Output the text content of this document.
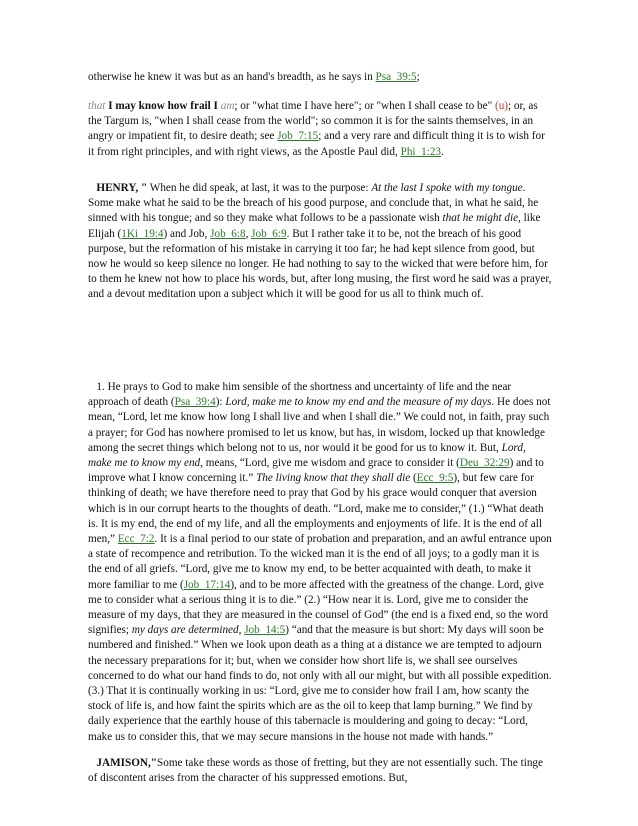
otherwise he knew it was but as an hand's breadth, as he says in Psa_39:5;

that I may know how frail I am; or "what time I have here"; or "when I shall cease to be" (u); or, as the Targum is, "when I shall cease from the world"; so common it is for the saints themselves, in an angry or impatient fit, to desire death; see Job_7:15; and a very rare and difficult thing it is to wish for it from right principles, and with right views, as the Apostle Paul did, Phi_1:23.

HENRY, " When he did speak, at last, it was to the purpose: At the last I spoke with my tongue. Some make what he said to be the breach of his good purpose, and conclude that, in what he said, he sinned with his tongue; and so they make what follows to be a passionate wish that he might die, like Elijah (1Ki_19:4) and Job, Job_6:8, Job_6:9. But I rather take it to be, not the breach of his good purpose, but the reformation of his mistake in carrying it too far; he had kept silence from good, but now he would so keep silence no longer. He had nothing to say to the wicked that were before him, for to them he knew not how to place his words, but, after long musing, the first word he said was a prayer, and a devout meditation upon a subject which it will be good for us all to think much of.

1. He prays to God to make him sensible of the shortness and uncertainty of life and the near approach of death (Psa_39:4): Lord, make me to know my end and the measure of my days. He does not mean, “Lord, let me know how long I shall live and when I shall die.” We could not, in faith, pray such a prayer; for God has nowhere promised to let us know, but has, in wisdom, locked up that knowledge among the secret things which belong not to us, nor would it be good for us to know it. But, Lord, make me to know my end, means, “Lord, give me wisdom and grace to consider it (Deu_32:29) and to improve what I know concerning it.” The living know that they shall die (Ecc_9:5), but few care for thinking of death; we have therefore need to pray that God by his grace would conquer that aversion which is in our corrupt hearts to the thoughts of death. “Lord, make me to consider,” (1.) “What death is. It is my end, the end of my life, and all the employments and enjoyments of life. It is the end of all men,” Ecc_7:2. It is a final period to our state of probation and preparation, and an awful entrance upon a state of recompence and retribution. To the wicked man it is the end of all joys; to a godly man it is the end of all griefs. “Lord, give me to know my end, to be better acquainted with death, to make it more familiar to me (Job_17:14), and to be more affected with the greatness of the change. Lord, give me to consider what a serious thing it is to die.” (2.) “How near it is. Lord, give me to consider the measure of my days, that they are measured in the counsel of God” (the end is a fixed end, so the word signifies; my days are determined, Job_14:5) “and that the measure is but short: My days will soon be numbered and finished.” When we look upon death as a thing at a distance we are tempted to adjourn the necessary preparations for it; but, when we consider how short life is, we shall see ourselves concerned to do what our hand finds to do, not only with all our might, but with all possible expedition. (3.) That it is continually working in us: “Lord, give me to consider how frail I am, how scanty the stock of life is, and how faint the spirits which are as the oil to keep that lamp burning.” We find by daily experience that the earthly house of this tabernacle is mouldering and going to decay: “Lord, make us to consider this, that we may secure mansions in the house not made with hands.”

JAMISON,"Some take these words as those of fretting, but they are not essentially such. The tinge of discontent arises from the character of his suppressed emotions. But,
